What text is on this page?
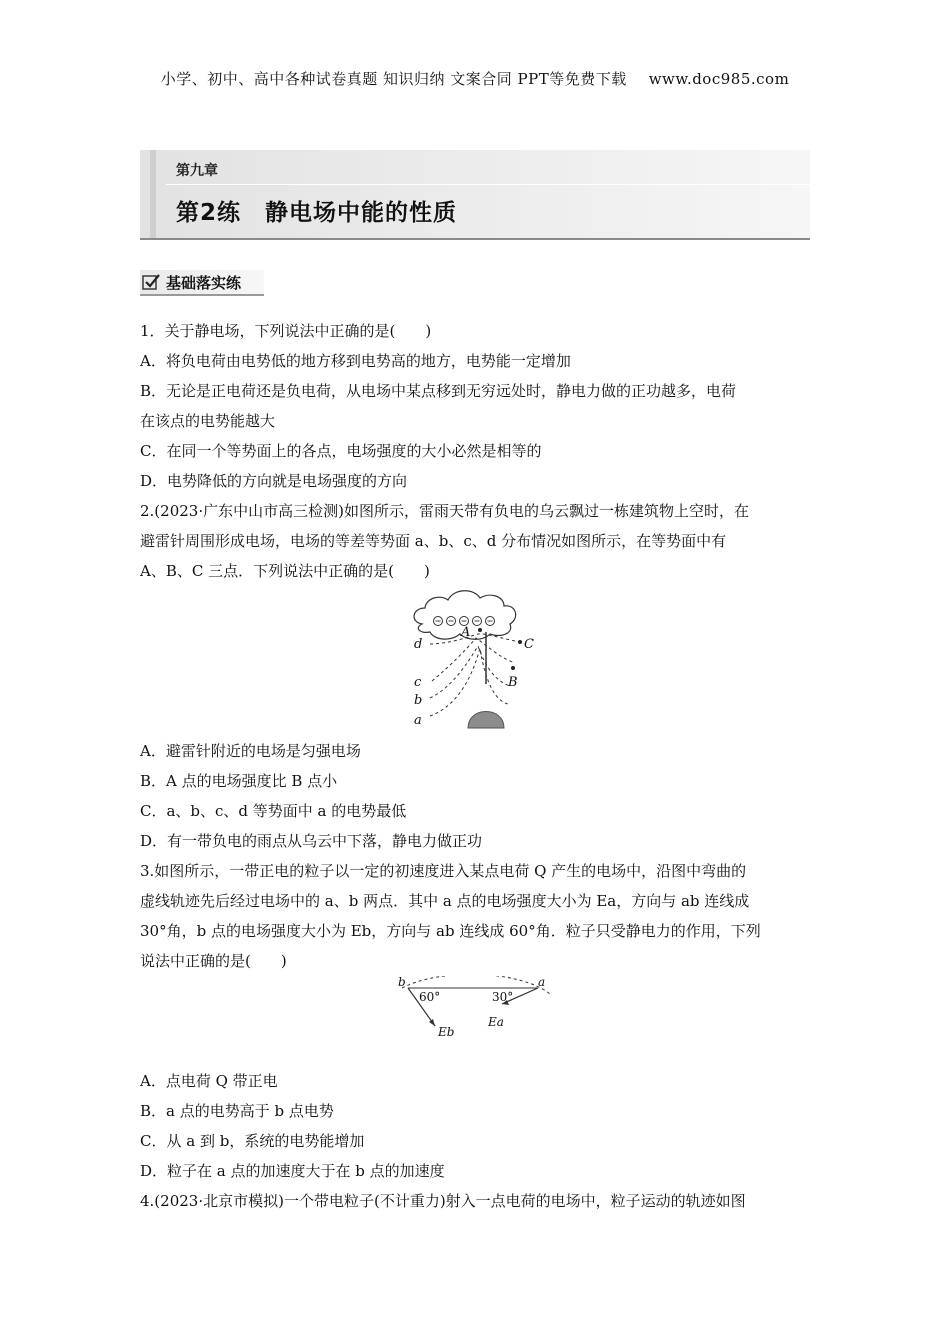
小学、初中、高中各种试卷真题 知识归纳 文案合同 PPT等免费下载 www.doc985.com
第九章
第2练 静电场中能的性质
基础落实练

1．关于静电场，下列说法中正确的是(　　)

A．将负电荷由电势低的地方移到电势高的地方，电势能一定增加

B．无论是正电荷还是负电荷，从电场中某点移到无穷远处时，静电力做的正功越多，电荷

在该点的电势能越大

C．在同一个等势面上的各点，电场强度的大小必然是相等的

D．电势降低的方向就是电场强度的方向

2.(2023·广东中山市高三检测)如图所示，雷雨天带有负电的乌云飘过一栋建筑物上空时，在

避雷针周围形成电场，电场的等差等势面 a、b、c、d 分布情况如图所示，在等势面中有

A、B、C 三点．下列说法中正确的是(　　)

d
c
b
a
A
B
C

A．避雷针附近的电场是匀强电场

B．A 点的电场强度比 B 点小

C．a、b、c、d 等势面中 a 的电势最低

D．有一带负电的雨点从乌云中下落，静电力做正功

3.如图所示，一带正电的粒子以一定的初速度进入某点电荷 Q 产生的电场中，沿图中弯曲的

虚线轨迹先后经过电场中的 a、b 两点．其中 a 点的电场强度大小为 Ea，方向与 ab 连线成

30°角，b 点的电场强度大小为 Eb，方向与 ab 连线成 60°角．粒子只受静电力的作用，下列

说法中正确的是(　　)

b	a
60°	30°
Eb
Ea

A．点电荷 Q 带正电

B．a 点的电势高于 b 点电势

C．从 a 到 b，系统的电势能增加

D．粒子在 a 点的加速度大于在 b 点的加速度

4.(2023·北京市模拟)一个带电粒子(不计重力)射入一点电荷的电场中，粒子运动的轨迹如图
